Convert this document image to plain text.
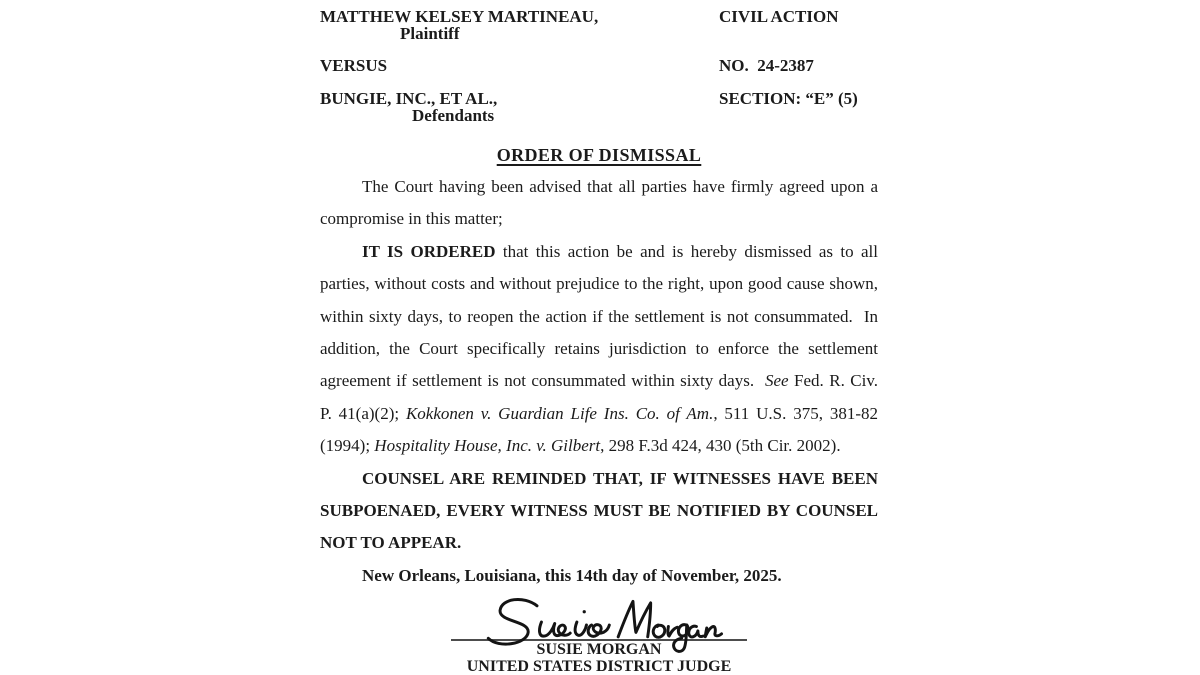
MATTHEW KELSEY MARTINEAU,
Plaintiff
VERSUS
BUNGIE, INC., ET AL.,
Defendants
CIVIL ACTION
NO.  24-2387
SECTION: “E” (5)
ORDER OF DISMISSAL

The Court having been advised that all parties have firmly agreed upon a compromise in this matter;

IT IS ORDERED that this action be and is hereby dismissed as to all parties, without costs and without prejudice to the right, upon good cause shown, within sixty days, to reopen the action if the settlement is not consummated.  In addition, the Court specifically retains jurisdiction to enforce the settlement agreement if settlement is not consummated within sixty days.  See Fed. R. Civ. P. 41(a)(2); Kokkonen v. Guardian Life Ins. Co. of Am., 511 U.S. 375, 381-82 (1994); Hospitality House, Inc. v. Gilbert, 298 F.3d 424, 430 (5th Cir. 2002).

COUNSEL ARE REMINDED THAT, IF WITNESSES HAVE BEEN SUBPOENAED, EVERY WITNESS MUST BE NOTIFIED BY COUNSEL NOT TO APPEAR.

New Orleans, Louisiana, this 14th day of November, 2025.

SUSIE MORGAN
UNITED STATES DISTRICT JUDGE
